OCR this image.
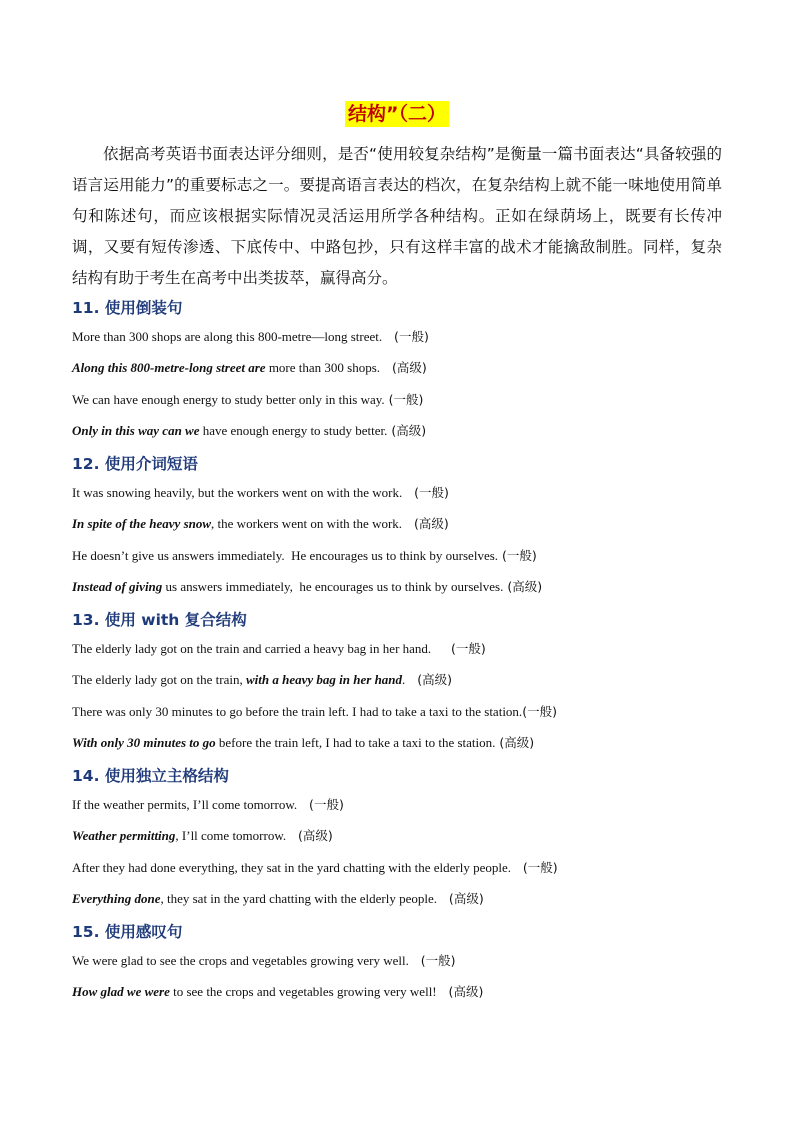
结构”（二）

依据高考英语书面表达评分细则，是否“使用较复杂结构”是衡量一篇书面表达“具备较强的语言运用能力”的重要标志之一。要提高语言表达的档次，在复杂结构上就不能一味地使用简单句和陈述句，而应该根据实际情况灵活运用所学各种结构。正如在绿荫场上，既要有长传冲调，又要有短传渗透、下底传中、中路包抄，只有这样丰富的战术才能擒敌制胜。同样，复杂结构有助于考生在高考中出类拔萃，赢得高分。

11. 使用倒装句
More than 300 shops are along this 800-metre—long street.   (一般)
Along this 800-metre-long street are more than 300 shops.   (高级)
We can have enough energy to study better only in this way. (一般)
Only in this way can we have enough energy to study better. (高级)
12. 使用介词短语
It was snowing heavily, but the workers went on with the work.   (一般)
In spite of the heavy snow, the workers went on with the work.   (高级)
He doesn’t give us answers immediately.  He encourages us to think by ourselves. (一般)
Instead of giving us answers immediately,  he encourages us to think by ourselves. (高级)
13. 使用 with 复合结构
The elderly lady got on the train and carried a heavy bag in her hand.     (一般)
The elderly lady got on the train, with a heavy bag in her hand.   (高级)
There was only 30 minutes to go before the train left. I had to take a taxi to the station.(一般)
With only 30 minutes to go before the train left, I had to take a taxi to the station. (高级)
14. 使用独立主格结构
If the weather permits, I’ll come tomorrow.   (一般)
Weather permitting, I’ll come tomorrow.   (高级)
After they had done everything, they sat in the yard chatting with the elderly people.   (一般)
Everything done, they sat in the yard chatting with the elderly people.   (高级)
15. 使用感叹句
We were glad to see the crops and vegetables growing very well.   (一般)
How glad we were to see the crops and vegetables growing very well!   (高级)
